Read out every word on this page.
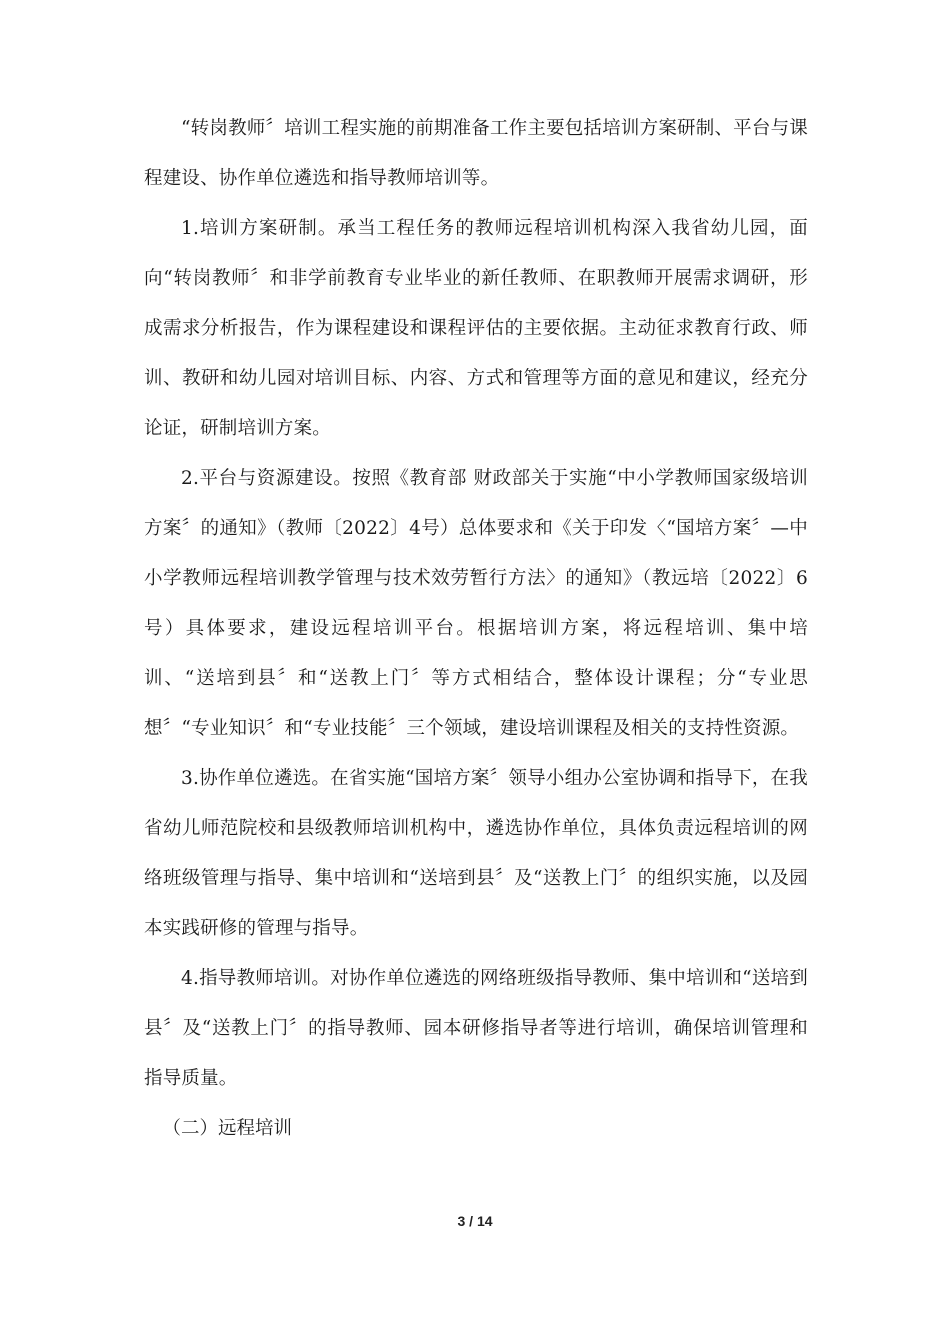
“转岗教师〞培训工程实施的前期准备工作主要包括培训方案研制、平台与课程建设、协作单位遴选和指导教师培训等。

1.培训方案研制。承当工程任务的教师远程培训机构深入我省幼儿园，面向“转岗教师〞和非学前教育专业毕业的新任教师、在职教师开展需求调研，形成需求分析报告，作为课程建设和课程评估的主要依据。主动征求教育行政、师训、教研和幼儿园对培训目标、内容、方式和管理等方面的意见和建议，经充分论证，研制培训方案。

2.平台与资源建设。按照《教育部 财政部关于实施“中小学教师国家级培训方案〞的通知》（教师〔2022〕4号）总体要求和《关于印发〈“国培方案〞—中小学教师远程培训教学管理与技术效劳暂行方法〉的通知》（教远培〔2022〕6号）具体要求，建设远程培训平台。根据培训方案，将远程培训、集中培训、“送培到县〞和“送教上门〞等方式相结合，整体设计课程；分“专业思想〞“专业知识〞和“专业技能〞三个领域，建设培训课程及相关的支持性资源。

3.协作单位遴选。在省实施“国培方案〞领导小组办公室协调和指导下，在我省幼儿师范院校和县级教师培训机构中，遴选协作单位，具体负责远程培训的网络班级管理与指导、集中培训和“送培到县〞及“送教上门〞的组织实施，以及园本实践研修的管理与指导。

4.指导教师培训。对协作单位遴选的网络班级指导教师、集中培训和“送培到县〞及“送教上门〞的指导教师、园本研修指导者等进行培训，确保培训管理和指导质量。

（二）远程培训

3 / 14
